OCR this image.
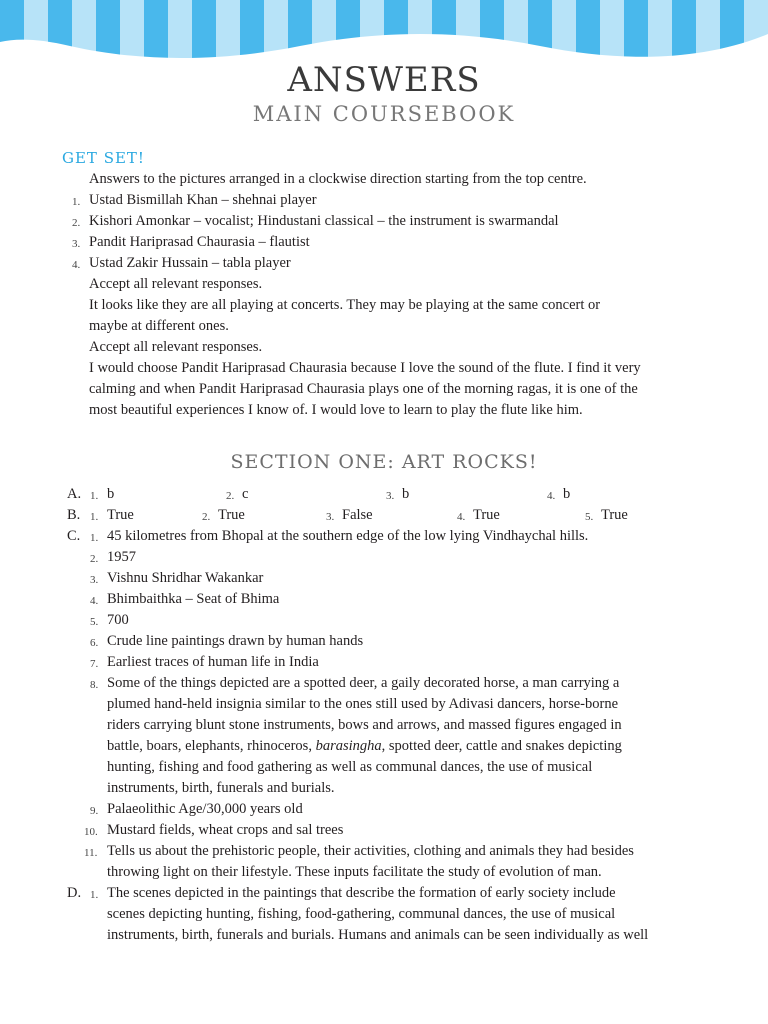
ANSWERS
MAIN COURSEBOOK
GET SET!
Answers to the pictures arranged in a clockwise direction starting from the top centre.
1. Ustad Bismillah Khan – shehnai player
2. Kishori Amonkar – vocalist; Hindustani classical – the instrument is swarmandal
3. Pandit Hariprasad Chaurasia – flautist
4. Ustad Zakir Hussain – tabla player
Accept all relevant responses.
It looks like they are all playing at concerts. They may be playing at the same concert or
maybe at different ones.
Accept all relevant responses.
I would choose Pandit Hariprasad Chaurasia because I love the sound of the flute. I find it very
calming and when Pandit Hariprasad Chaurasia plays one of the morning ragas, it is one of the
most beautiful experiences I know of. I would love to learn to play the flute like him.
SECTION ONE: ART ROCKS!
A. 1. b	2. c	3. b	4. b
B. 1. True	2. True	3. False	4. True	5. True
C. 1. 45 kilometres from Bhopal at the southern edge of the low lying Vindhaychal hills.
2. 1957
3. Vishnu Shridhar Wakankar
4. Bhimbaithka – Seat of Bhima
5. 700
6. Crude line paintings drawn by human hands
7. Earliest traces of human life in India
8. Some of the things depicted are a spotted deer, a gaily decorated horse, a man carrying a
plumed hand-held insignia similar to the ones still used by Adivasi dancers, horse-borne
riders carrying blunt stone instruments, bows and arrows, and massed figures engaged in
battle, boars, elephants, rhinoceros, barasingha, spotted deer, cattle and snakes depicting
hunting, fishing and food gathering as well as communal dances, the use of musical
instruments, birth, funerals and burials.
9. Palaeolithic Age/30,000 years old
10. Mustard fields, wheat crops and sal trees
11. Tells us about the prehistoric people, their activities, clothing and animals they had besides
throwing light on their lifestyle. These inputs facilitate the study of evolution of man.
D. 1. The scenes depicted in the paintings that describe the formation of early society include
scenes depicting hunting, fishing, food-gathering, communal dances, the use of musical
instruments, birth, funerals and burials. Humans and animals can be seen individually as well
